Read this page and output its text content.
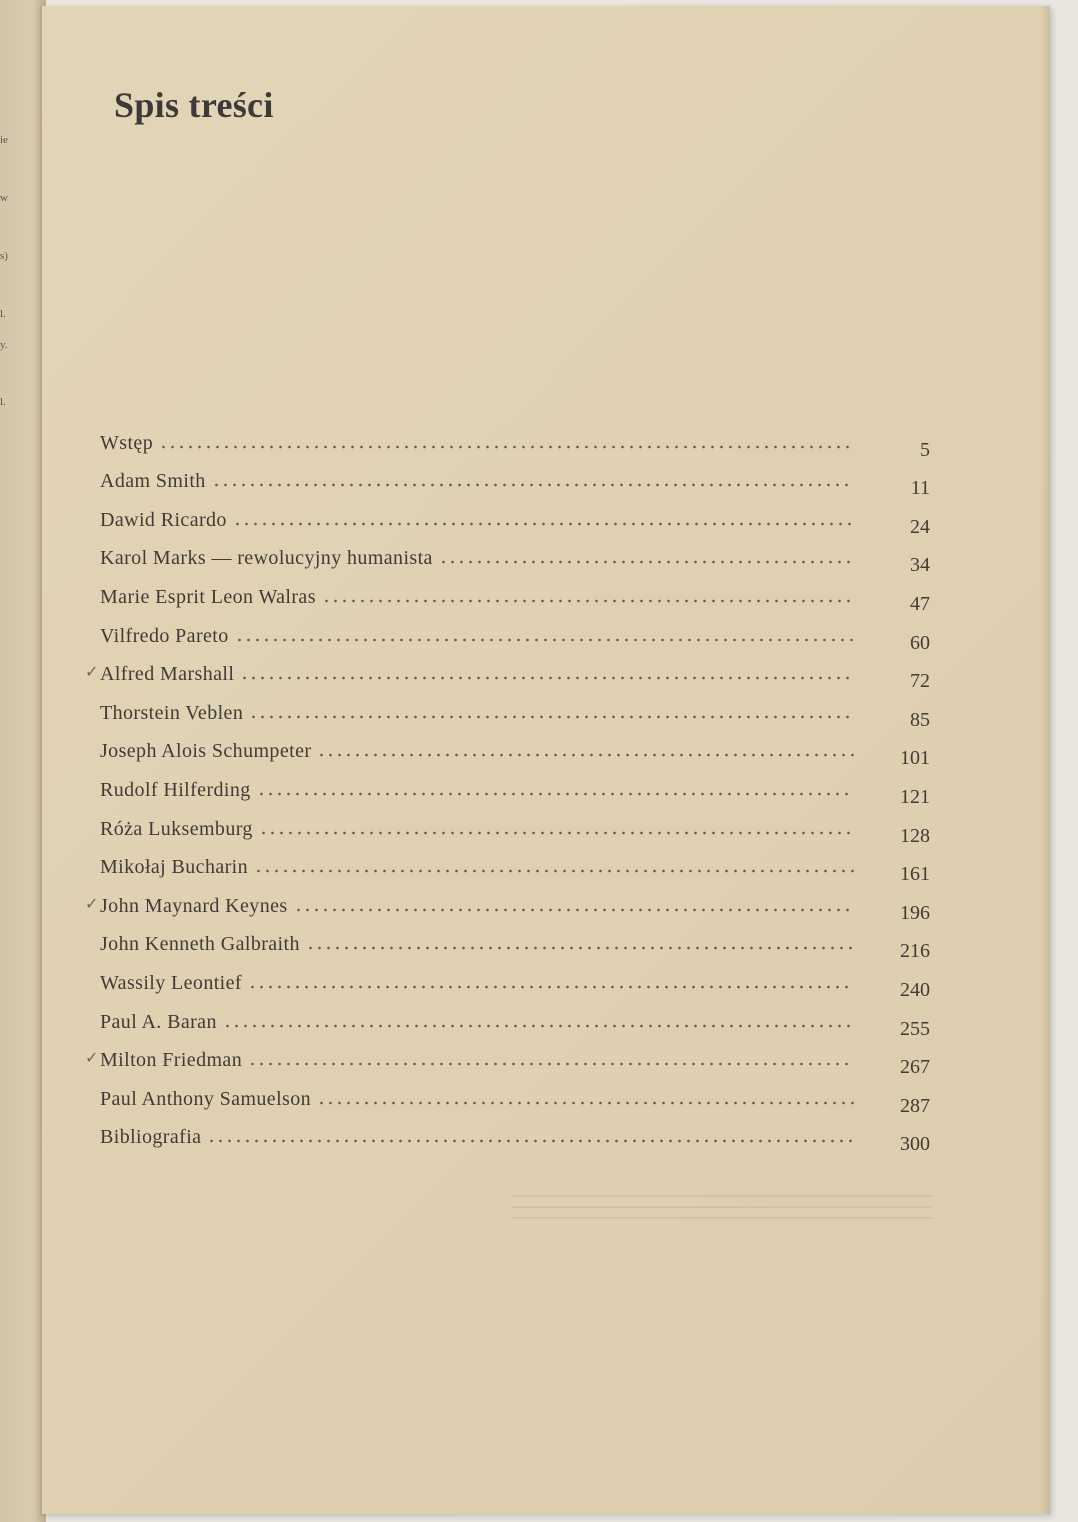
ie
w
s)
l.
y.
l.
Spis treści
Wstęp	5
Adam Smith	11
Dawid Ricardo	24
Karol Marks — rewolucyjny humanista	34
Marie Esprit Leon Walras	47
Vilfredo Pareto	60
✓ Alfred Marshall	72
Thorstein Veblen	85
Joseph Alois Schumpeter	101
Rudolf Hilferding	121
Róża Luksemburg	128
Mikołaj Bucharin	161
✓ John Maynard Keynes	196
John Kenneth Galbraith	216
Wassily Leontief	240
Paul A. Baran	255
✓ Milton Friedman	267
Paul Anthony Samuelson	287
Bibliografia	300
